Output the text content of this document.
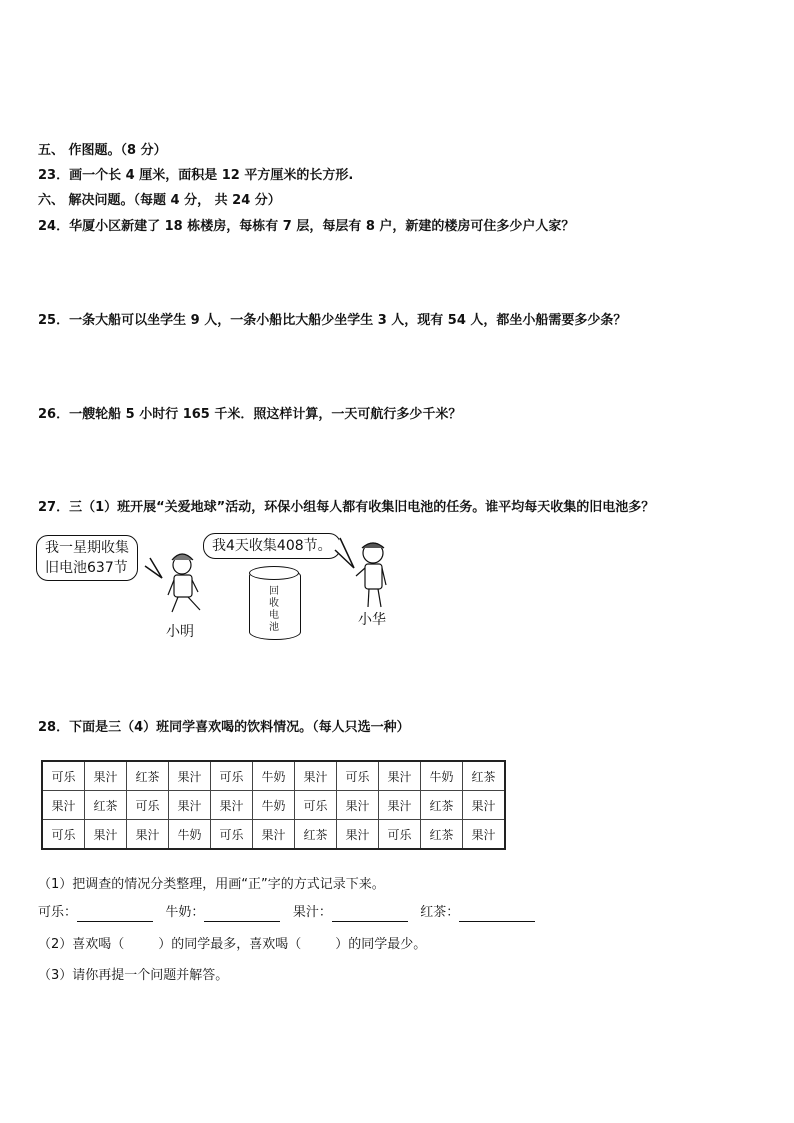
五、 作图题。（8 分）
23．画一个长 4 厘米，面积是 12 平方厘米的长方形.
六、 解决问题。（每题 4 分， 共 24 分）
24．华厦小区新建了 18 栋楼房，每栋有 7 层，每层有 8 户，新建的楼房可住多少户人家？
25．一条大船可以坐学生 9 人，一条小船比大船少坐学生 3 人，现有 54 人，都坐小船需要多少条？
26．一艘轮船 5 小时行 165 千米．照这样计算，一天可航行多少千米？
27．三（1）班开展“关爱地球”活动，环保小组每人都有收集旧电池的任务。谁平均每天收集的旧电池多？
我一星期收集
旧电池637节
我4天收集408节。
回收电池
小明
小华
28．下面是三（4）班同学喜欢喝的饮料情况。（每人只选一种）
可乐	果汁	红茶	果汁	可乐	牛奶	果汁	可乐	果汁	牛奶	红茶
果汁	红茶	可乐	果汁	果汁	牛奶	可乐	果汁	果汁	红茶	果汁
可乐	果汁	果汁	牛奶	可乐	果汁	红茶	果汁	可乐	红茶	果汁
（1）把调查的情况分类整理，用画“正”字的方式记录下来。
可乐：	牛奶：	果汁：	红茶：
（2）喜欢喝（	）的同学最多，喜欢喝（	）的同学最少。
（3）请你再提一个问题并解答。
